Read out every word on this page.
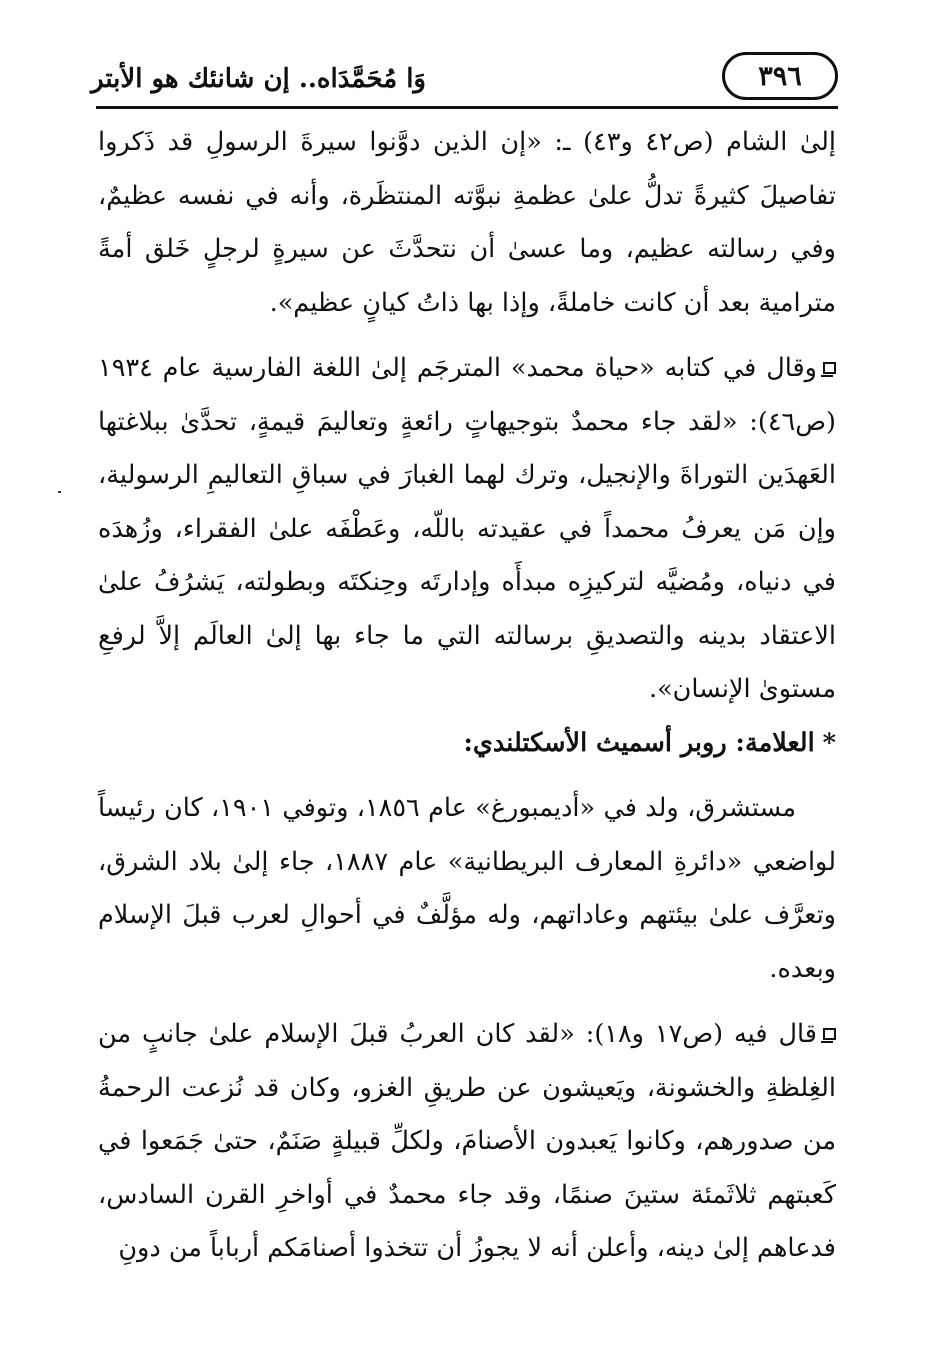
٣٩٦
وَا مُحَمَّدَاه.. إن شانئك هو الأبتر

إلىٰ الشام (ص٤٢ و٤٣) ـ: «إن الذين دوَّنوا سيرةَ الرسولِ قد ذَكروا تفاصيلَ كثيرةً تدلُّ علىٰ عظمةِ نبوَّته المنتظَرة، وأنه في نفسه عظيمٌ، وفي رسالته عظيم، وما عسىٰ أن نتحدَّثَ عن سيرةٍ لرجلٍ خَلق أمةً مترامية بعد أن كانت خاملةً، وإذا بها ذاتُ كيانٍ عظيم».

وقال في كتابه «حياة محمد» المترجَم إلىٰ اللغة الفارسية عام ١٩٣٤ (ص٤٦): «لقد جاء محمدٌ بتوجيهاتٍ رائعةٍ وتعاليمَ قيمةٍ، تحدَّىٰ ببلاغتها العَهدَين التوراةَ والإنجيل، وترك لهما الغبارَ في سباقِ التعاليمِ الرسولية، وإن مَن يعرفُ محمداً في عقيدته باللّه، وعَطْفَه علىٰ الفقراء، وزُهدَه في دنياه، ومُضيَّه لتركيزِه مبدأَه وإدارتَه وحِنكتَه وبطولته، يَشرُفُ علىٰ الاعتقاد بدينه والتصديقِ برسالته التي ما جاء بها إلىٰ العالَم إلاَّ لرفعِ مستوىٰ الإنسان».

*العلامة: روبر أسميث الأسكتلندي:

مستشرق، ولد في «أديمبورغ» عام ١٨٥٦، وتوفي ١٩٠١، كان رئيساً لواضعي «دائرةِ المعارف البريطانية» عام ١٨٨٧، جاء إلىٰ بلاد الشرق، وتعرَّف علىٰ بيئتهم وعاداتهم، وله مؤلَّفٌ في أحوالِ لعرب قبلَ الإسلام وبعده.

قال فيه (ص١٧ و١٨): «لقد كان العربُ قبلَ الإسلام علىٰ جانبٍ من الغِلظةِ والخشونة، ويَعيشون عن طريقِ الغزو، وكان قد نُزعت الرحمةُ من صدورهم، وكانوا يَعبدون الأصنامَ، ولكلِّ قبيلةٍ صَنَمٌ، حتىٰ جَمَعوا في كَعبتهم ثلاثَمئة ستينَ صنمًا، وقد جاء محمدٌ في أواخرِ القرن السادس، فدعاهم إلىٰ دينه، وأعلن أنه لا يجوزُ أن تتخذوا أصنامَكم أرباباً من دونِ
